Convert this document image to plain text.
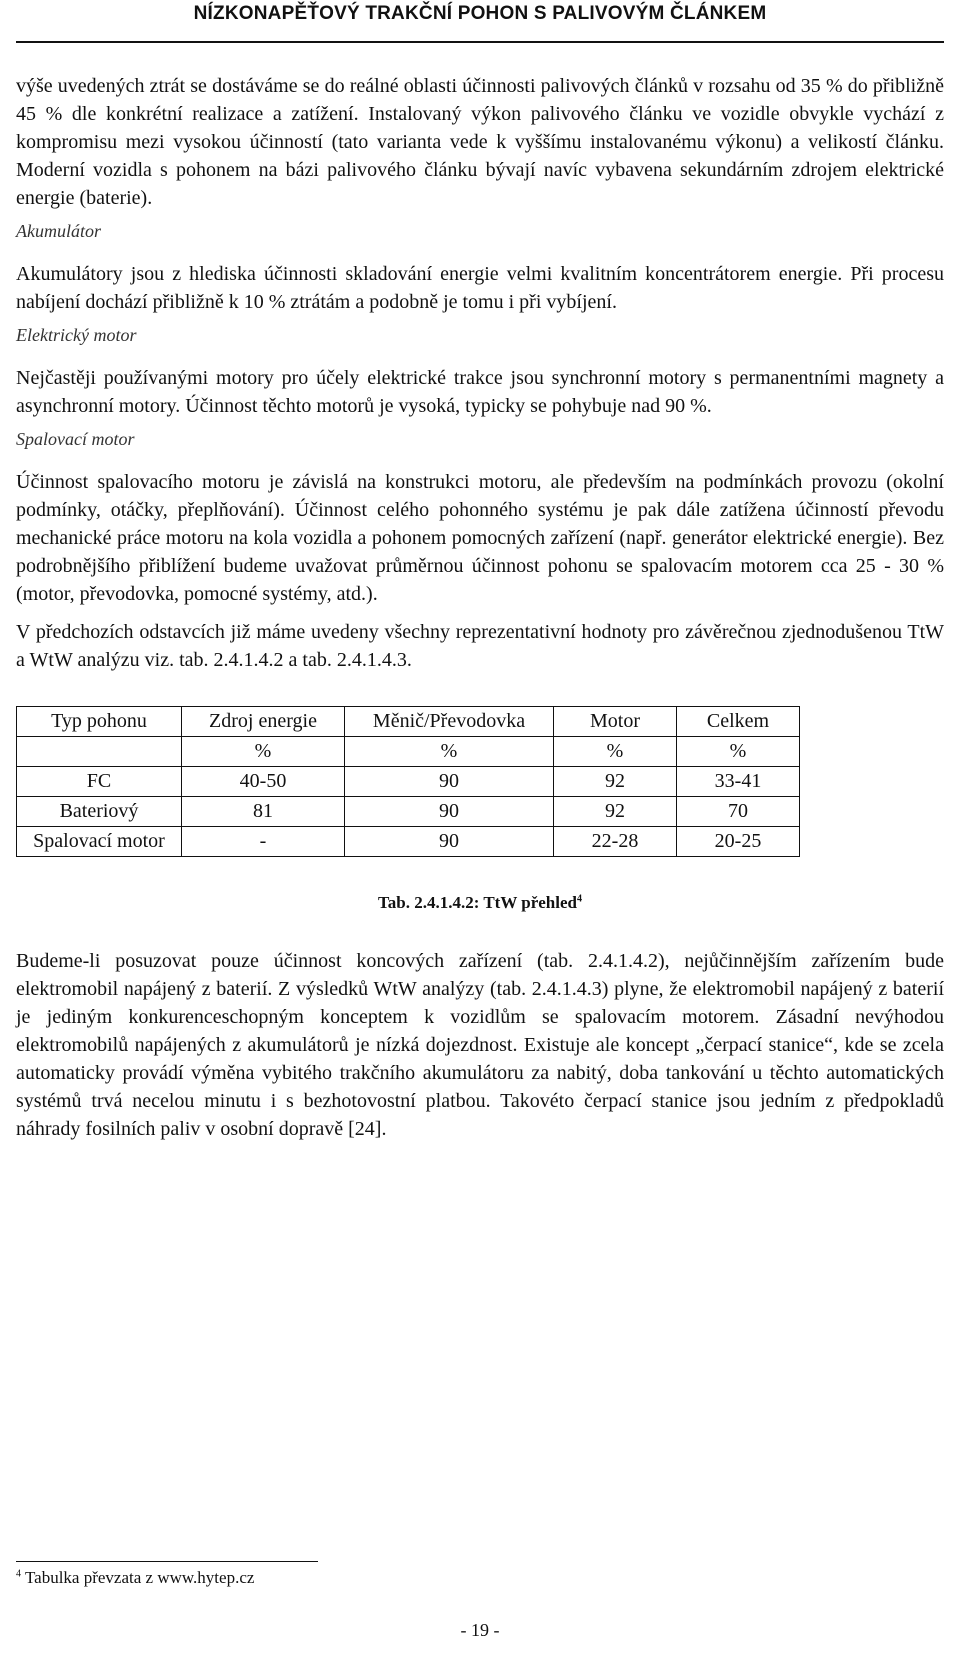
NÍZKONAPĚŤOVÝ TRAKČNÍ POHON S PALIVOVÝM ČLÁNKEM

výše uvedených ztrát se dostáváme se do reálné oblasti účinnosti palivových článků v rozsahu od 35 % do přibližně 45 % dle konkrétní realizace a zatížení. Instalovaný výkon palivového článku ve vozidle obvykle vychází z kompromisu mezi vysokou účinností (tato varianta vede k vyššímu instalovanému výkonu) a velikostí článku. Moderní vozidla s pohonem na bázi palivového článku bývají navíc vybavena sekundárním zdrojem elektrické energie (baterie).

Akumulátor

Akumulátory jsou z hlediska účinnosti skladování energie velmi kvalitním koncentrátorem energie. Při procesu nabíjení dochází přibližně k 10 % ztrátám a podobně je tomu i při vybíjení.

Elektrický motor

Nejčastěji používanými motory pro účely elektrické trakce jsou synchronní motory s permanentními magnety a asynchronní motory. Účinnost těchto motorů je vysoká, typicky se pohybuje nad 90 %.

Spalovací motor

Účinnost spalovacího motoru je závislá na konstrukci motoru, ale především na podmínkách provozu (okolní podmínky, otáčky, přeplňování). Účinnost celého pohonného systému je pak dále zatížena účinností převodu mechanické práce motoru na kola vozidla a pohonem pomocných zařízení (např. generátor elektrické energie). Bez podrobnějšího přiblížení budeme uvažovat průměrnou účinnost pohonu se spalovacím motorem cca 25 - 30 % (motor, převodovka, pomocné systémy, atd.).

V předchozích odstavcích již máme uvedeny všechny reprezentativní hodnoty pro závěrečnou zjednodušenou TtW a WtW analýzu viz. tab. 2.4.1.4.2 a tab. 2.4.1.4.3.

Typ pohonu	Zdroj energie	Měnič/Převodovka	Motor	Celkem
	%	%	%	%
FC	40-50	90	92	33-41
Bateriový	81	90	92	70
Spalovací motor	-	90	22-28	20-25
Tab. 2.4.1.4.2: TtW přehled$^4$

Budeme-li posuzovat pouze účinnost koncových zařízení (tab. 2.4.1.4.2), nejůčinnějším zařízením bude elektromobil napájený z baterií. Z výsledků WtW analýzy (tab. 2.4.1.4.3) plyne, že elektromobil napájený z baterií je jediným konkurenceschopným konceptem k vozidlům se spalovacím motorem. Zásadní nevýhodou elektromobilů napájených z akumulátorů je nízká dojezdnost. Existuje ale koncept „čerpací stanice“, kde se zcela automaticky provádí výměna vybitého trakčního akumulátoru za nabitý, doba tankování u těchto automatických systémů trvá necelou minutu i s bezhotovostní platbou. Takovéto čerpací stanice jsou jedním z předpokladů náhrady fosilních paliv v osobní dopravě [24].

$^4$ Tabulka převzata z www.hytep.cz
- 19 -
